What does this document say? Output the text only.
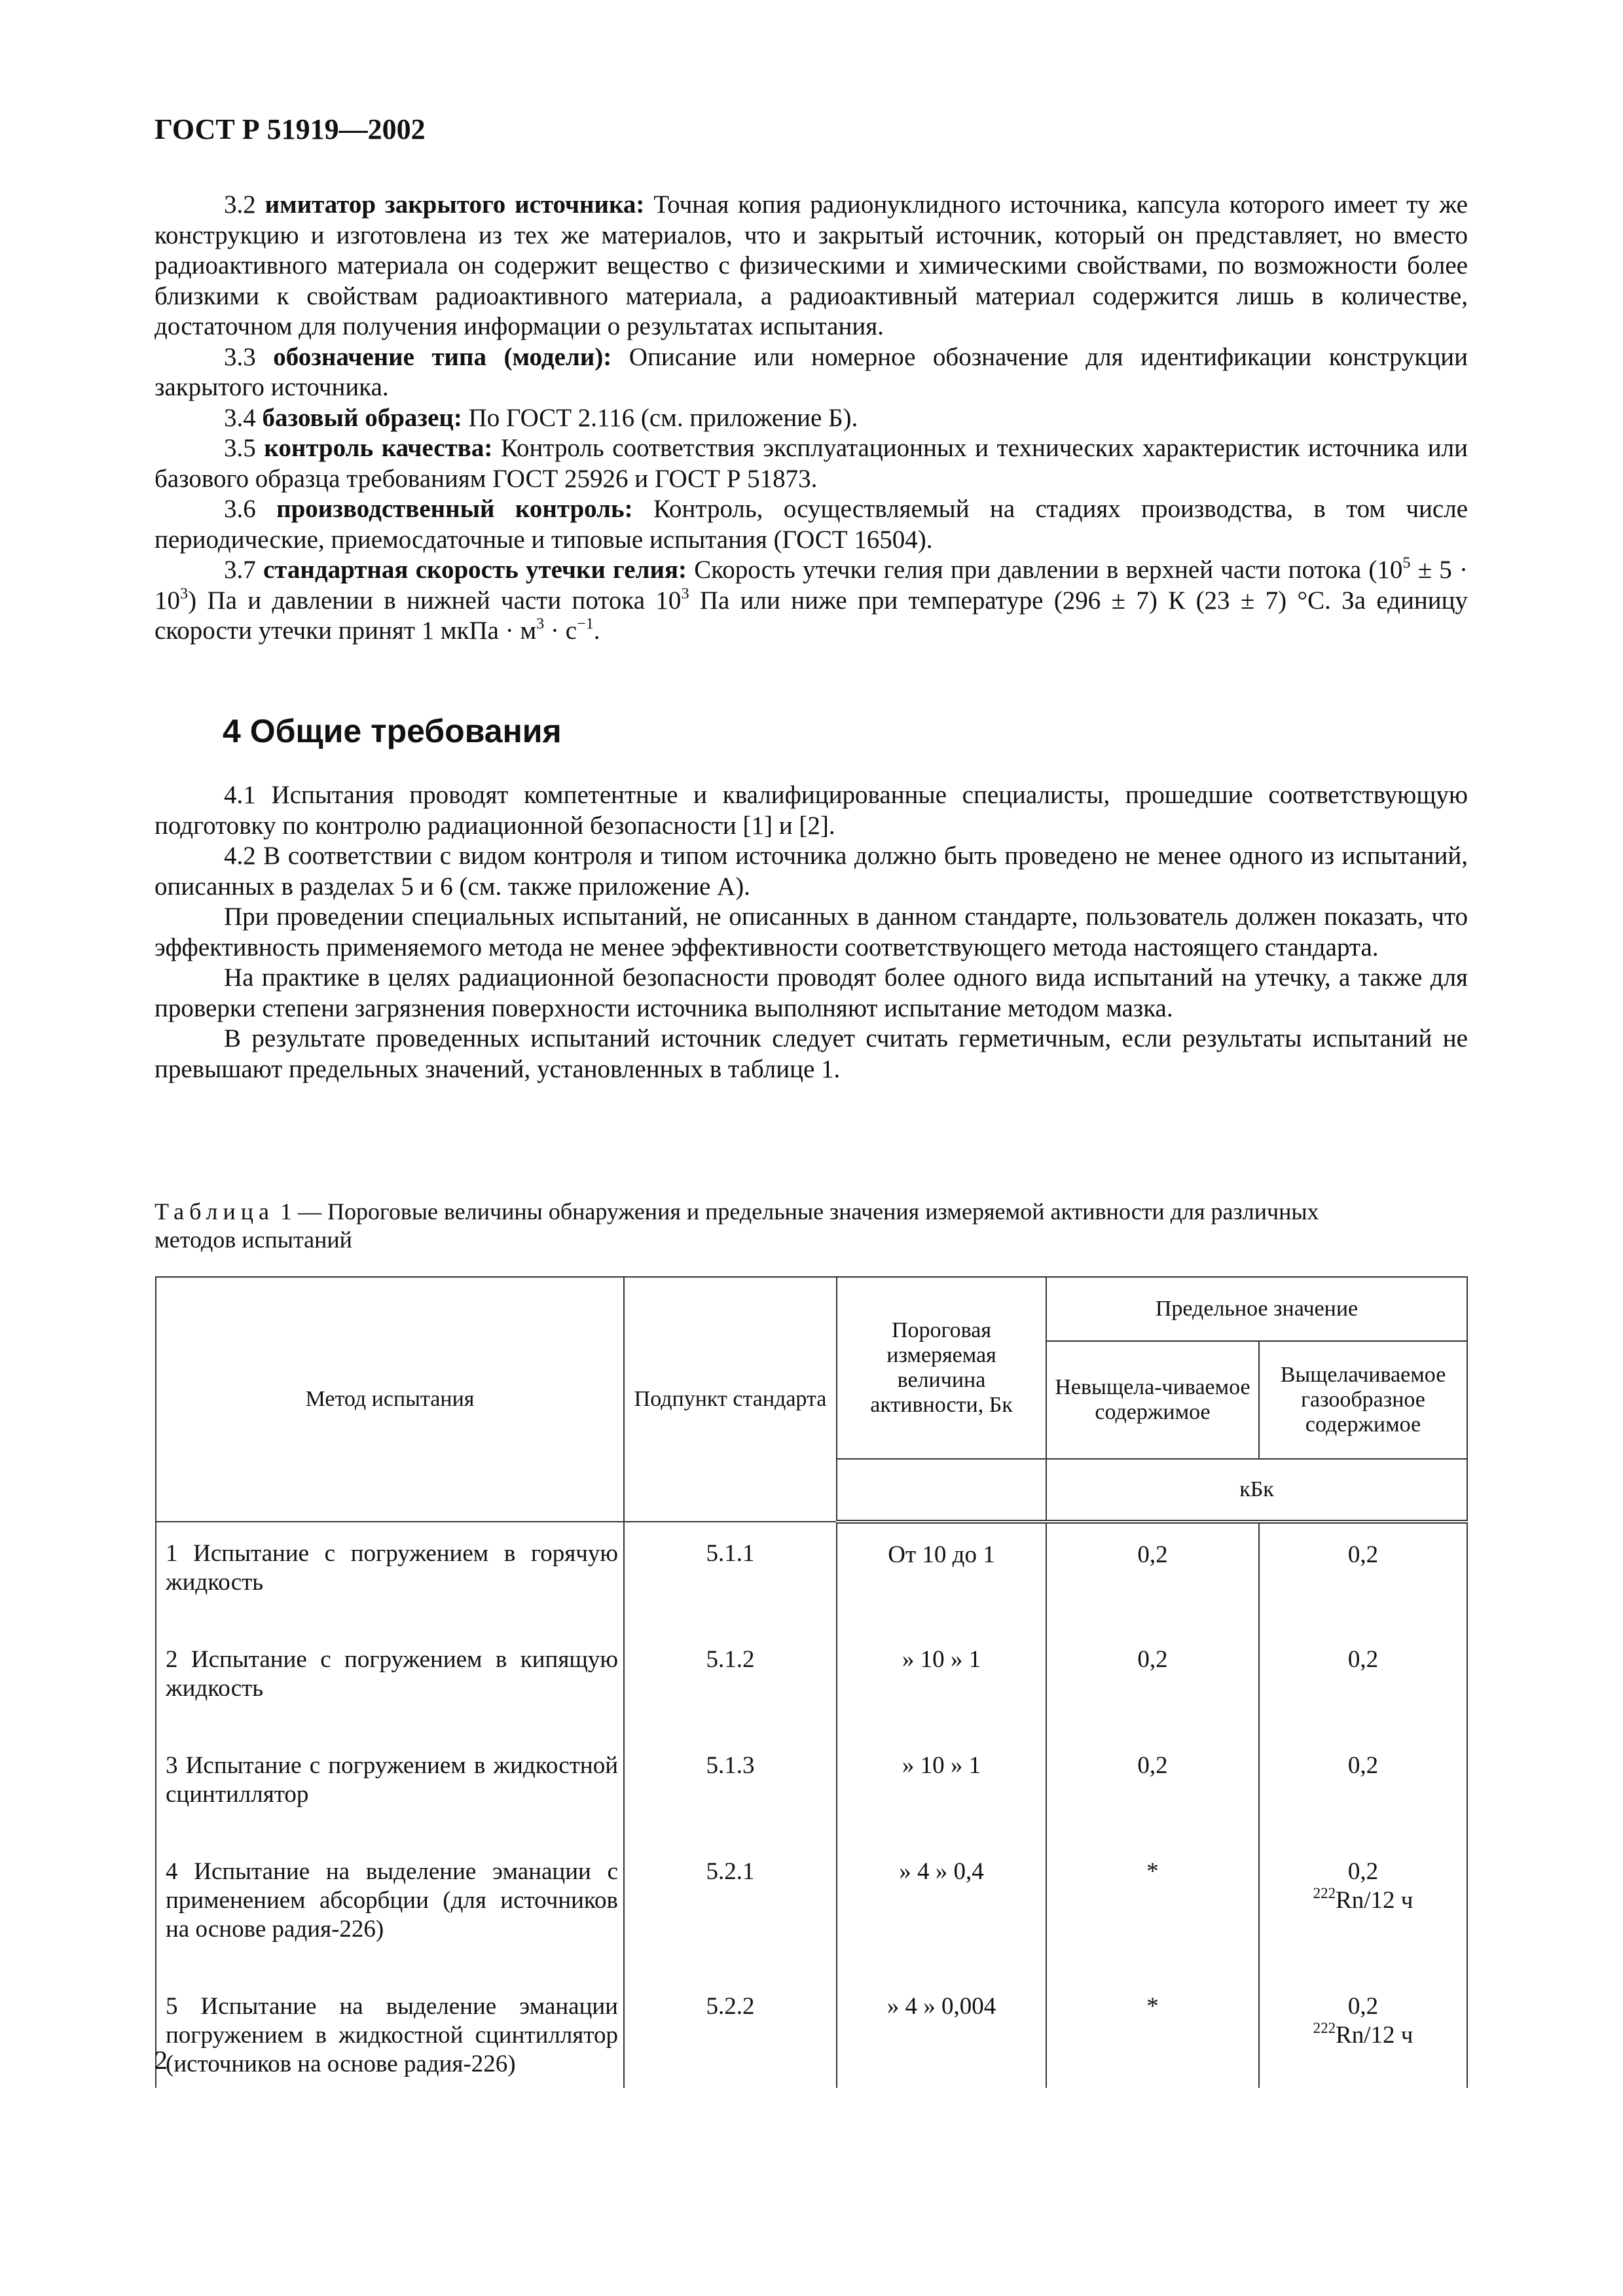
ГОСТ Р 51919—2002

3.2 имитатор закрытого источника: Точная копия радионуклидного источника, капсула которого имеет ту же конструкцию и изготовлена из тех же материалов, что и закрытый источник, который он представляет, но вместо радиоактивного материала он содержит вещество с физическими и химическими свойствами, по возможности более близкими к свойствам радиоактивного материала, а радиоактивный материал содержится лишь в количестве, достаточном для получения информации о результатах испытания.

3.3 обозначение типа (модели): Описание или номерное обозначение для идентификации конструкции закрытого источника.

3.4 базовый образец: По ГОСТ 2.116 (см. приложение Б).

3.5 контроль качества: Контроль соответствия эксплуатационных и технических характеристик источника или базового образца требованиям ГОСТ 25926 и ГОСТ Р 51873.

3.6 производственный контроль: Контроль, осуществляемый на стадиях производства, в том числе периодические, приемосдаточные и типовые испытания (ГОСТ 16504).

3.7 стандартная скорость утечки гелия: Скорость утечки гелия при давлении в верхней части потока $(10^5 \pm 5 \cdot 10^3)$ Па и давлении в нижней части потока $10^3$ Па или ниже при температуре (296 ± 7) К (23 ± 7) °С. За единицу скорости утечки принят 1 мкПа · $м^3 \cdot с^{-1}$.

4 Общие требования

4.1 Испытания проводят компетентные и квалифицированные специалисты, прошедшие соответствующую подготовку по контролю радиационной безопасности [1] и [2].

4.2 В соответствии с видом контроля и типом источника должно быть проведено не менее одного из испытаний, описанных в разделах 5 и 6 (см. также приложение А).

При проведении специальных испытаний, не описанных в данном стандарте, пользователь должен показать, что эффективность применяемого метода не менее эффективности соответствующего метода настоящего стандарта.

На практике в целях радиационной безопасности проводят более одного вида испытаний на утечку, а также для проверки степени загрязнения поверхности источника выполняют испытание методом мазка.

В результате проведенных испытаний источник следует считать герметичным, если результаты испытаний не превышают предельных значений, установленных в таблице 1.

Таблица 1 — Пороговые величины обнаружения и предельные значения измеряемой активности для различных методов испытаний
Метод испытания	Подпункт стандарта	Пороговая измеряемая величина активности, Бк	Предельное значение	
			Невыщела-чиваемое содержимое	Выщелачиваемое газообразное содержимое
			кБк	
1 Испытание с погружением в горячую жидкость	5.1.1	От 10 до 1	0,2	0,2
2 Испытание с погружением в кипящую жидкость	5.1.2	» 10 » 1	0,2	0,2
3 Испытание с погружением в жидкостной сцинтиллятор	5.1.3	» 10 » 1	0,2	0,2
4 Испытание на выделение эманации с применением абсорбции (для источников на основе радия-226)	5.2.1	» 4 » 0,4	*	0,2
$^{222}$Rn/12 ч
5 Испытание на выделение эманации погружением в жидкостной сцинтиллятор (источников на основе радия-226)	5.2.2	» 4 » 0,004	*	0,2
$^{222}$Rn/12 ч
2
